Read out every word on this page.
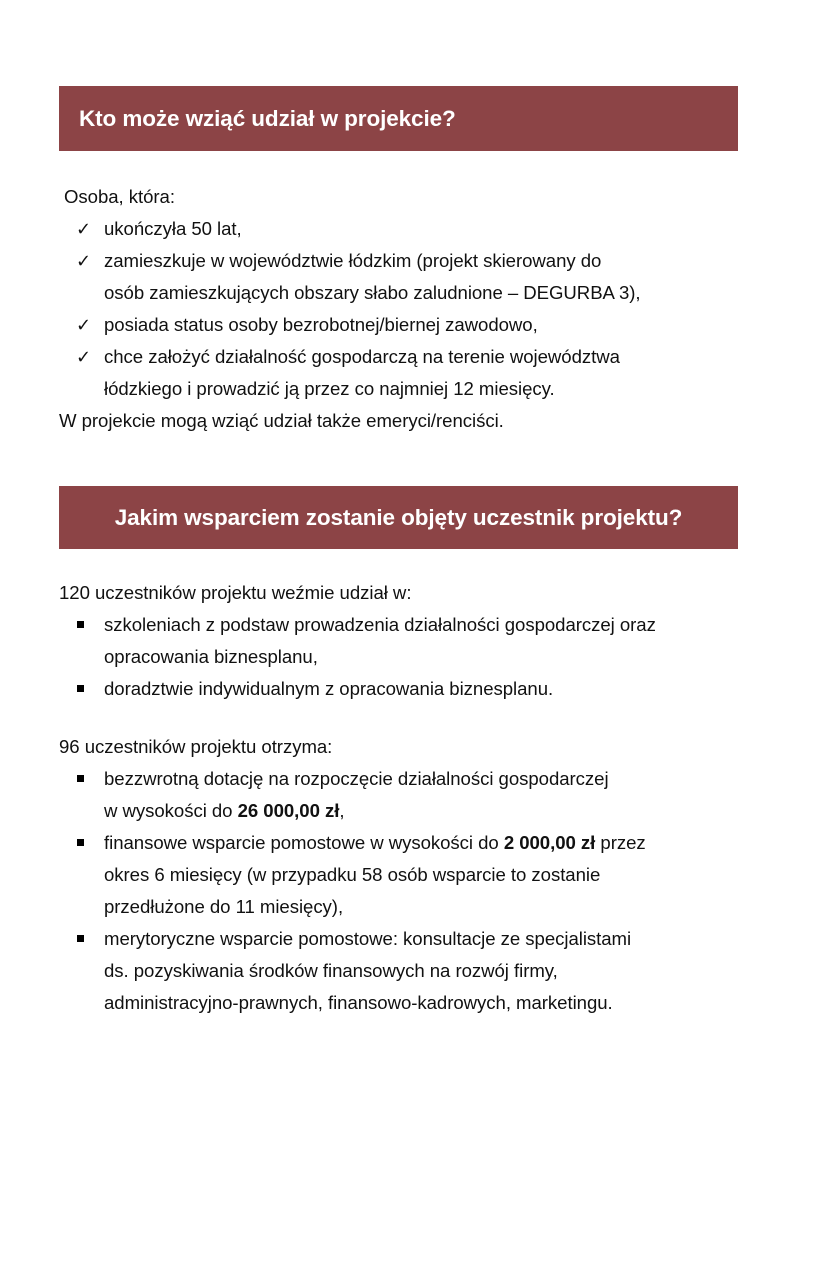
Kto może wziąć udział w projekcie?
Osoba, która:
✓ ukończyła 50 lat,
✓ zamieszkuje w województwie łódzkim (projekt skierowany do
osób zamieszkujących obszary słabo zaludnione – DEGURBA 3),
✓ posiada status osoby bezrobotnej/biernej zawodowo,
✓ chce założyć działalność gospodarczą na terenie województwa
łódzkiego i prowadzić ją przez co najmniej 12 miesięcy.
W projekcie mogą wziąć udział także emeryci/renciści.
Jakim wsparciem zostanie objęty uczestnik projektu?
120 uczestników projektu weźmie udział w:
szkoleniach z podstaw prowadzenia działalności gospodarczej oraz
opracowania biznesplanu,
doradztwie indywidualnym z opracowania biznesplanu.
96 uczestników projektu otrzyma:
bezzwrotną dotację na rozpoczęcie działalności gospodarczej
w wysokości do 26 000,00 zł,
finansowe wsparcie pomostowe w wysokości do 2 000,00 zł przez
okres 6 miesięcy (w przypadku 58 osób wsparcie to zostanie
przedłużone do 11 miesięcy),
merytoryczne wsparcie pomostowe: konsultacje ze specjalistami
ds. pozyskiwania środków finansowych na rozwój firmy,
administracyjno-prawnych, finansowo-kadrowych, marketingu.
